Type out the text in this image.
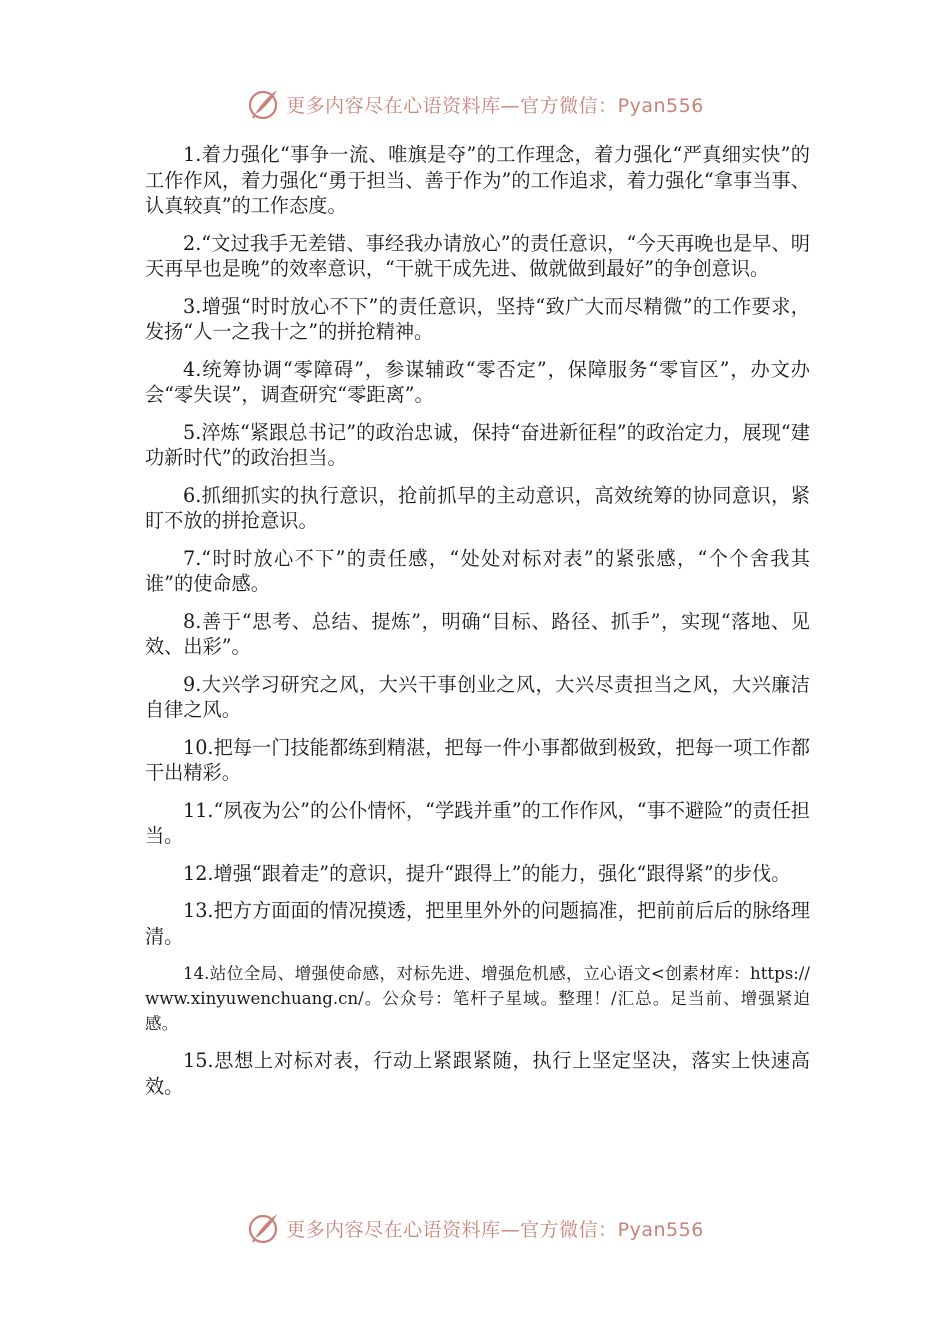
更多内容尽在心语资料库—官方微信：Pyan556

1.着力强化“事争一流、唯旗是夺”的工作理念，着力强化“严真细实快”的工作作风，着力强化“勇于担当、善于作为”的工作追求，着力强化“拿事当事、认真较真”的工作态度。

2.“文过我手无差错、事经我办请放心”的责任意识，“今天再晚也是早、明天再早也是晚”的效率意识，“干就干成先进、做就做到最好”的争创意识。

3.增强“时时放心不下”的责任意识，坚持“致广大而尽精微”的工作要求，发扬“人一之我十之”的拼抢精神。

4.统筹协调“零障碍”，参谋辅政“零否定”，保障服务“零盲区”，办文办会“零失误”，调查研究“零距离”。

5.淬炼“紧跟总书记”的政治忠诚，保持“奋进新征程”的政治定力，展现“建功新时代”的政治担当。

6.抓细抓实的执行意识，抢前抓早的主动意识，高效统筹的协同意识，紧盯不放的拼抢意识。

7.“时时放心不下”的责任感，“处处对标对表”的紧张感，“个个舍我其谁”的使命感。

8.善于“思考、总结、提炼”，明确“目标、路径、抓手”，实现“落地、见效、出彩”。

9.大兴学习研究之风，大兴干事创业之风，大兴尽责担当之风，大兴廉洁自律之风。

10.把每一门技能都练到精湛，把每一件小事都做到极致，把每一项工作都干出精彩。

11.“夙夜为公”的公仆情怀，“学践并重”的工作作风，“事不避险”的责任担当。

12.增强“跟着走”的意识，提升“跟得上”的能力，强化“跟得紧”的步伐。

13.把方方面面的情况摸透，把里里外外的问题搞准，把前前后后的脉络理清。

14.站位全局、增强使命感，对标先进、增强危机感，立心语文<创素材库：https://www.xinyuwenchuang.cn/。公众号：笔杆子星域。整理！/汇总。足当前、增强紧迫感。

15.思想上对标对表，行动上紧跟紧随，执行上坚定坚决，落实上快速高效。

更多内容尽在心语资料库—官方微信：Pyan556
